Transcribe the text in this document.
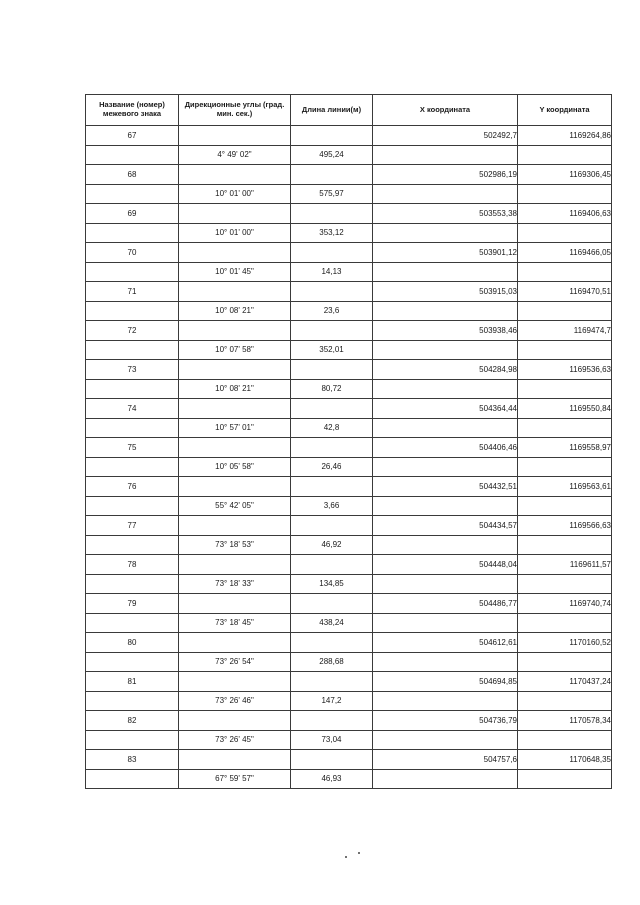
Название (номер) межевого знака	Дирекционные углы (град. мин. сек.)	Длина линии(м)	X координата	Y координата
67			502492,7	1169264,86
	4° 49' 02"	495,24		
68			502986,19	1169306,45
	10° 01' 00"	575,97		
69			503553,38	1169406,63
	10° 01' 00"	353,12		
70			503901,12	1169466,05
	10° 01' 45"	14,13		
71			503915,03	1169470,51
	10° 08' 21"	23,6		
72			503938,46	1169474,7
	10° 07' 58"	352,01		
73			504284,98	1169536,63
	10° 08' 21"	80,72		
74			504364,44	1169550,84
	10° 57' 01"	42,8		
75			504406,46	1169558,97
	10° 05' 58"	26,46		
76			504432,51	1169563,61
	55° 42' 05"	3,66		
77			504434,57	1169566,63
	73° 18' 53"	46,92		
78			504448,04	1169611,57
	73° 18' 33"	134,85		
79			504486,77	1169740,74
	73° 18' 45"	438,24		
80			504612,61	1170160,52
	73° 26' 54"	288,68		
81			504694,85	1170437,24
	73° 26' 46"	147,2		
82			504736,79	1170578,34
	73° 26' 45"	73,04		
83			504757,6	1170648,35
	67° 59' 57"	46,93		
